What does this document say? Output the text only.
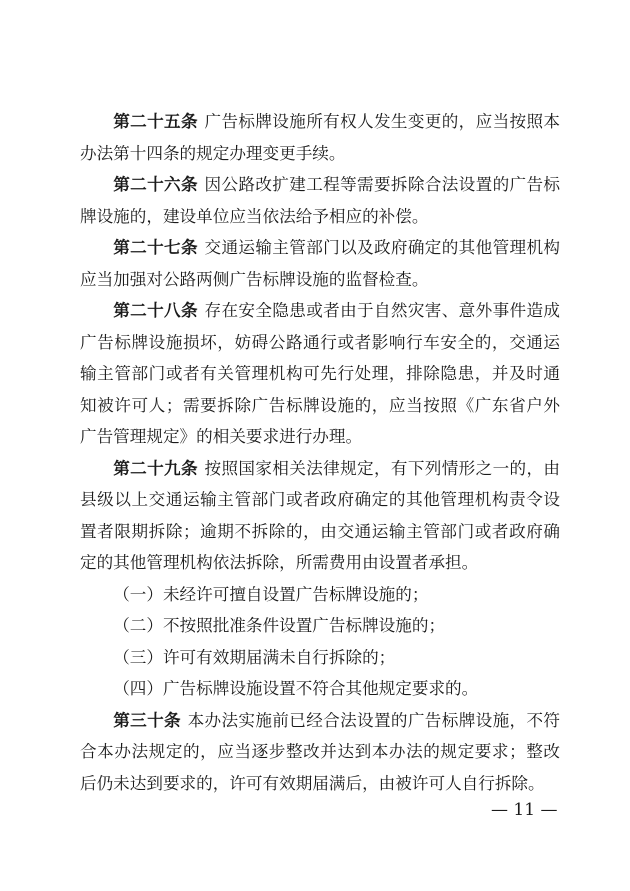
第二十五条 广告标牌设施所有权人发生变更的，应当按照本办法第十四条的规定办理变更手续。

第二十六条 因公路改扩建工程等需要拆除合法设置的广告标牌设施的，建设单位应当依法给予相应的补偿。

第二十七条 交通运输主管部门以及政府确定的其他管理机构应当加强对公路两侧广告标牌设施的监督检查。

第二十八条 存在安全隐患或者由于自然灾害、意外事件造成广告标牌设施损坏，妨碍公路通行或者影响行车安全的，交通运输主管部门或者有关管理机构可先行处理，排除隐患，并及时通知被许可人；需要拆除广告标牌设施的，应当按照《广东省户外广告管理规定》的相关要求进行办理。

第二十九条 按照国家相关法律规定，有下列情形之一的，由县级以上交通运输主管部门或者政府确定的其他管理机构责令设置者限期拆除；逾期不拆除的，由交通运输主管部门或者政府确定的其他管理机构依法拆除，所需费用由设置者承担。

（一）未经许可擅自设置广告标牌设施的；

（二）不按照批准条件设置广告标牌设施的；

（三）许可有效期届满未自行拆除的；

（四）广告标牌设施设置不符合其他规定要求的。

第三十条 本办法实施前已经合法设置的广告标牌设施，不符合本办法规定的，应当逐步整改并达到本办法的规定要求；整改后仍未达到要求的，许可有效期届满后，由被许可人自行拆除。

— 11 —
